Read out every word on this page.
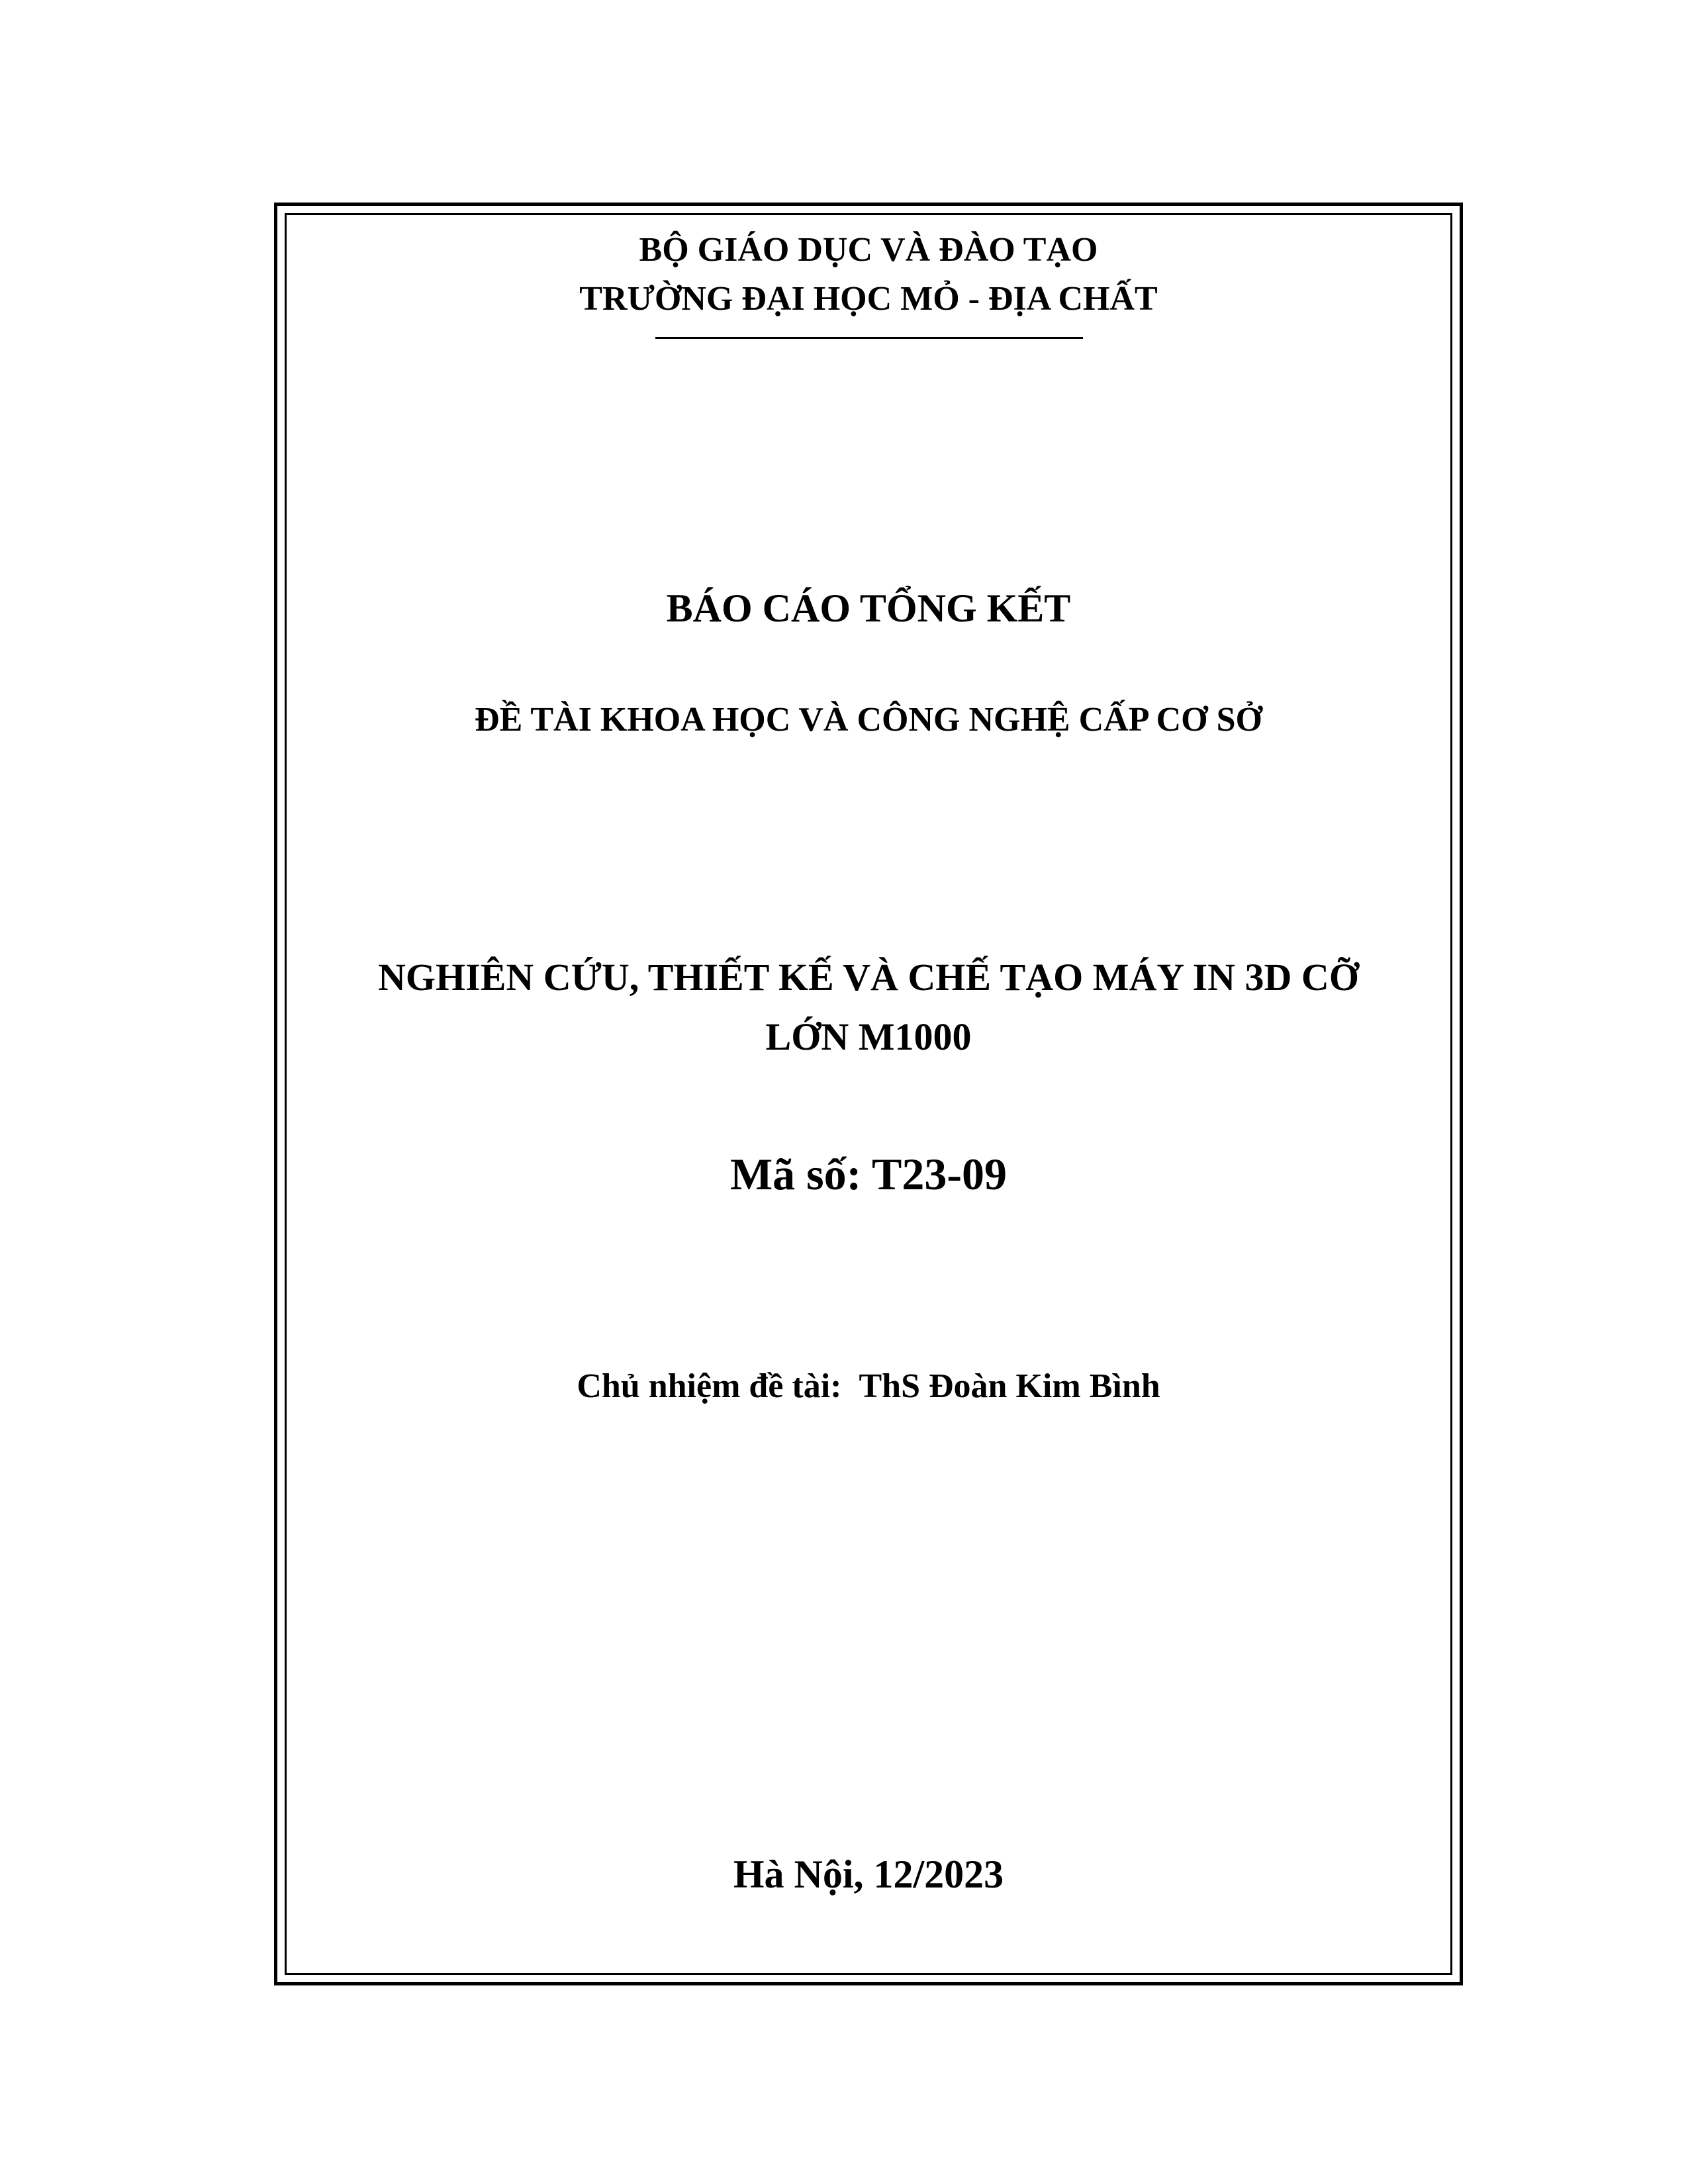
BỘ GIÁO DỤC VÀ ĐÀO TẠO
TRƯỜNG ĐẠI HỌC MỎ - ĐỊA CHẤT
BÁO CÁO TỔNG KẾT
ĐỀ TÀI KHOA HỌC VÀ CÔNG NGHỆ CẤP CƠ SỞ
NGHIÊN CỨU, THIẾT KẾ VÀ CHẾ TẠO MÁY IN 3D CỠ
LỚN M1000
Mã số: T23-09
Chủ nhiệm đề tài: ThS Đoàn Kim Bình
Hà Nội, 12/2023
